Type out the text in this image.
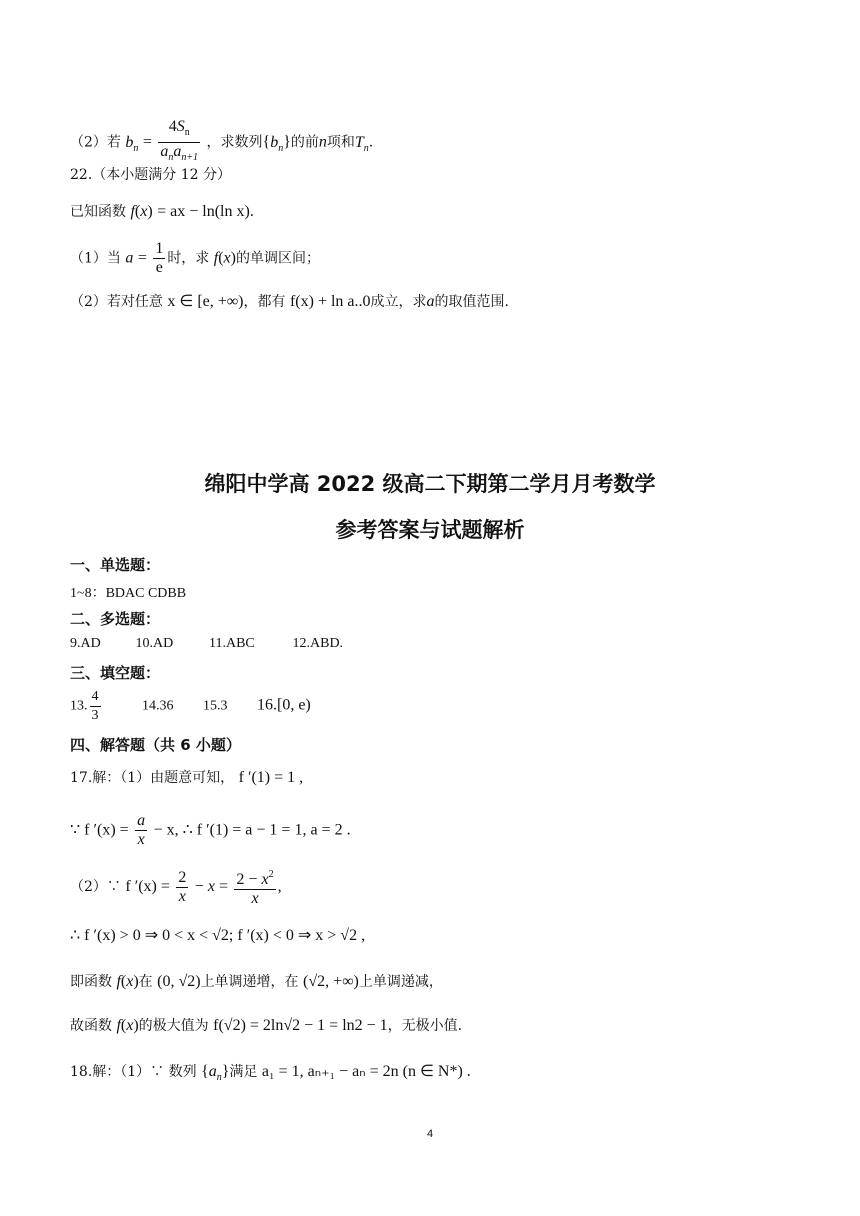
（2）若 $b_n = \frac{4S_n}{a_na_{n+1}}$ ，求数列$\{b_n\}$的前n项和$T_n$.
22.（本小题满分 12 分）
已知函数 f(x) = ax − ln(ln x).
（1）当 $a = \frac{1}{e}$ 时，求 f(x)的单调区间；
（2）若对任意 x ∈ [e, +∞)，都有 f(x) + ln a..0成立，求a的取值范围.
绵阳中学高 2022 级高二下期第二学月月考数学
参考答案与试题解析
一、单选题：
1~8：BDAC CDBB
二、多选题：
9.AD 10.AD	11.ABC	12.ABD.
三、填空题：
13. $\frac{4}{3}$	14.36 15.3 16.[0, e)
四、解答题（共 6 小题）
17.解：（1）由题意可知， f ′(1) = 1 ,
∵ f $'(x) = \frac{a}{x} - x$, ∴ f ′(1) = a − 1 = 1, a = 2 .
（2）∵ f $'(x) = \frac{2}{x} - x = \frac{2 - x^2}{x}$ ,
∴ f ′(x) > 0 ⇒ 0 < x < √2; f ′(x) < 0 ⇒ x > √2 ,
即函数 f(x)在 (0, √2)上单调递增，在 (√2, +∞)上单调递减，
故函数 f(x)的极大值为 f(√2) = 2ln√2 − 1 = ln2 − 1，无极小值.
18.解：（1）∵ 数列 $\{a_n\}$满足 a₁ = 1, aₙ₊₁ − aₙ = 2n (n ∈ N*) .
4
